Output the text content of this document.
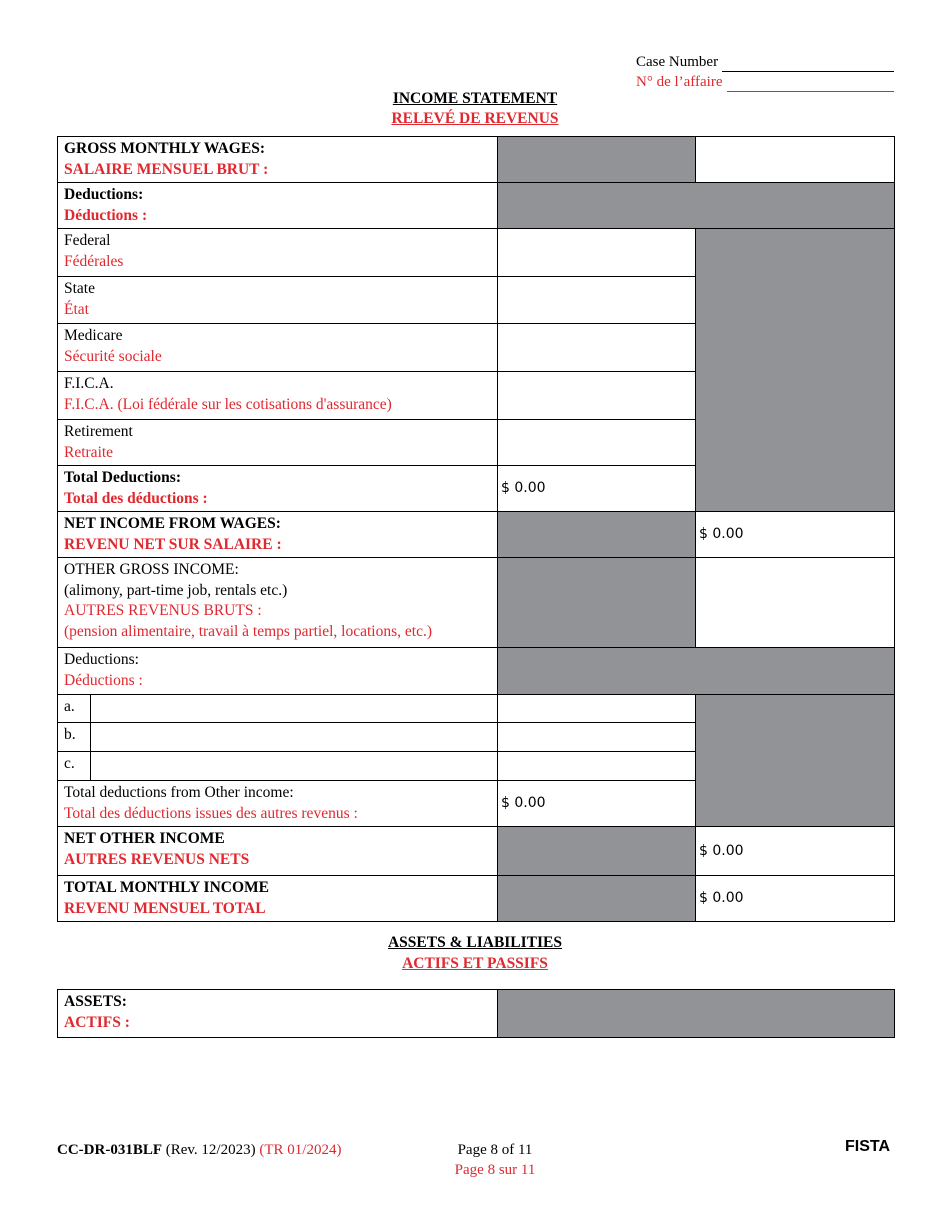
Case Number
N° de l’affaire
INCOME STATEMENT
RELEVÉ DE REVENUS
GROSS MONTHLY WAGES:
SALAIRE MENSUEL BRUT :			

Deductions:
Déductions :			

Federal
Fédérales			

State
État			

Medicare
Sécurité sociale			

F.I.C.A.
F.I.C.A. (Loi fédérale sur les cotisations d'assurance)			

Retirement
Retraite			

Total Deductions:
Total des déductions :		$ 0.00	

NET INCOME FROM WAGES:
REVENU NET SUR SALAIRE :			$ 0.00

OTHER GROSS INCOME:
(alimony, part-time job, rentals etc.)
AUTRES REVENUS BRUTS :
(pension alimentaire, travail à temps partiel, locations, etc.)			

Deductions:
Déductions :			

a.			
b.			
c.			

Total deductions from Other income:
Total des déductions issues des autres revenus :		$ 0.00	

NET OTHER INCOME
AUTRES REVENUS NETS			$ 0.00

TOTAL MONTHLY INCOME
REVENU MENSUEL TOTAL			$ 0.00
ASSETS & LIABILITIES
ACTIFS ET PASSIFS
ASSETS:
ACTIFS :

CC-DR-031BLF (Rev. 12/2023) (TR 01/2024)	Page 8 of 11
Page 8 sur 11
FISTA
